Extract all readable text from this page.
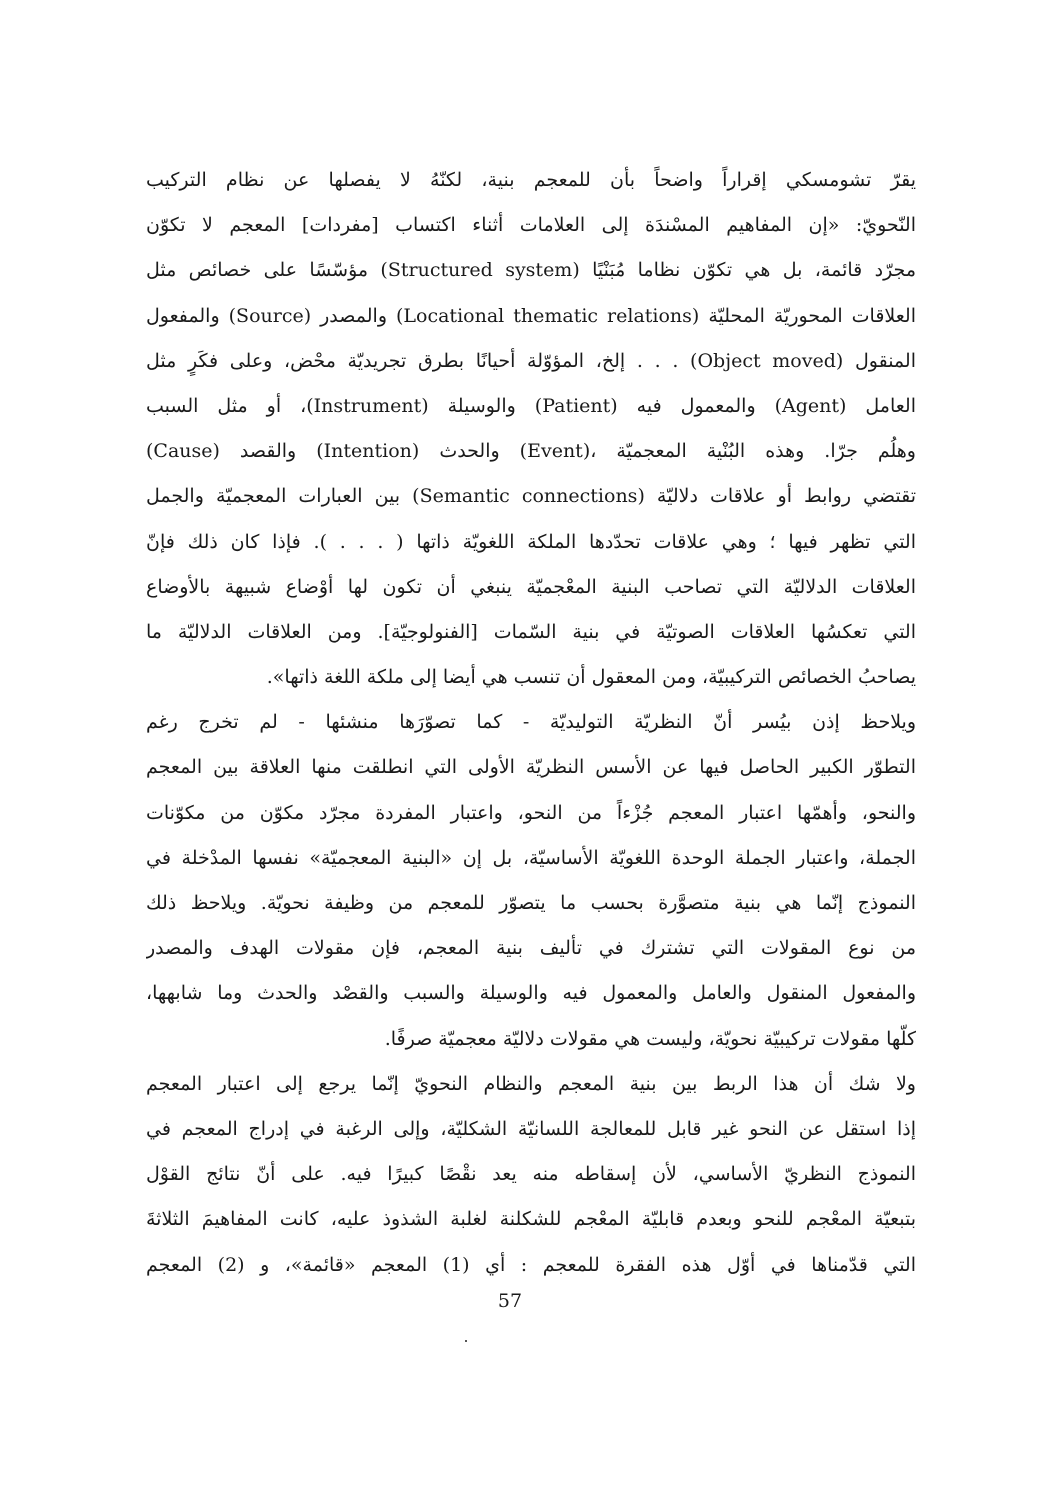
يقرّ تشومسكي إقراراً واضحاً بأن للمعجم بنية، لكنّهُ لا يفصلها عن نظام التركيب
النّحويّ: «إن المفاهيم المسْندَة إلى العلامات أثناء اكتساب [مفردات] المعجم لا تكوّن
مجرّد قائمة، بل هي تكوّن نظاما مُبَنْيًا (Structured system) مؤسّسًا على خصائص مثل
العلاقات المحوريّة المحليّة (Locational thematic relations) والمصدر (Source) والمفعول
المنقول (Object moved) . . . إلخ، المؤوّلة أحيانًا بطرق تجريديّة محْض، وعلى فكَرٍ مثل
العامل (Agent) والمعمول فيه (Patient) والوسيلة (Instrument)، أو مثل السبب
(Cause) والقصد (Intention) والحدث (Event)، وهلُم جرّا. وهذه البُنْية المعجميّة
تقتضي روابط أو علاقات دلاليّة (Semantic connections) بين العبارات المعجميّة والجمل
التي تظهر فيها ؛ وهي علاقات تحدّدها الملكة اللغويّة ذاتها ( . . . ). فإذا كان ذلك فإنّ
العلاقات الدلاليّة التي تصاحب البنية المعْجميّة ينبغي أن تكون لها أوْضاع شبيهة بالأوضاع
التي تعكسُها العلاقات الصوتيّة في بنية السّمات [الفنولوجيّة]. ومن العلاقات الدلاليّة ما
يصاحبُ الخصائص التركيبيّة، ومن المعقول أن تنسب هي أيضا إلى ملكة اللغة ذاتها».
ويلاحظ إذن بيُسر أنّ النظريّة التوليديّة - كما تصوّرَها منشئها - لم تخرج رغم
التطوّر الكبير الحاصل فيها عن الأسس النظريّة الأولى التي انطلقت منها العلاقة بين المعجم
والنحو، وأهمّها اعتبار المعجم جُزْءاً من النحو، واعتبار المفردة مجرّد مكوّن من مكوّنات
الجملة، واعتبار الجملة الوحدة اللغويّة الأساسيّة، بل إن «البنية المعجميّة» نفسها المدْخلة في
النموذج إنّما هي بنية متصوَّرة بحسب ما يتصوّر للمعجم من وظيفة نحويّة. ويلاحظ ذلك
من نوع المقولات التي تشترك في تأليف بنية المعجم، فإن مقولات الهدف والمصدر
والمفعول المنقول والعامل والمعمول فيه والوسيلة والسبب والقصْد والحدث وما شابهها،
كلّها مقولات تركيبيّة نحويّة، وليست هي مقولات دلاليّة معجميّة صرفًا.
ولا شك أن هذا الربط بين بنية المعجم والنظام النحويّ إنّما يرجع إلى اعتبار المعجم
إذا استقل عن النحو غير قابل للمعالجة اللسانيّة الشكليّة، وإلى الرغبة في إدراج المعجم في
النموذج النظريّ الأساسي، لأن إسقاطه منه يعد نقْصًا كبيرًا فيه. على أنّ نتائج القوْل
بتبعيّة المعْجم للنحو وبعدم قابليّة المعْجم للشكلنة لغلبة الشذوذ عليه، كانت المفاهيمَ الثلاثةَ
التي قدّمناها في أوّل هذه الفقرة للمعجم : أي (1) المعجم «قائمة»، و (2) المعجم
57
